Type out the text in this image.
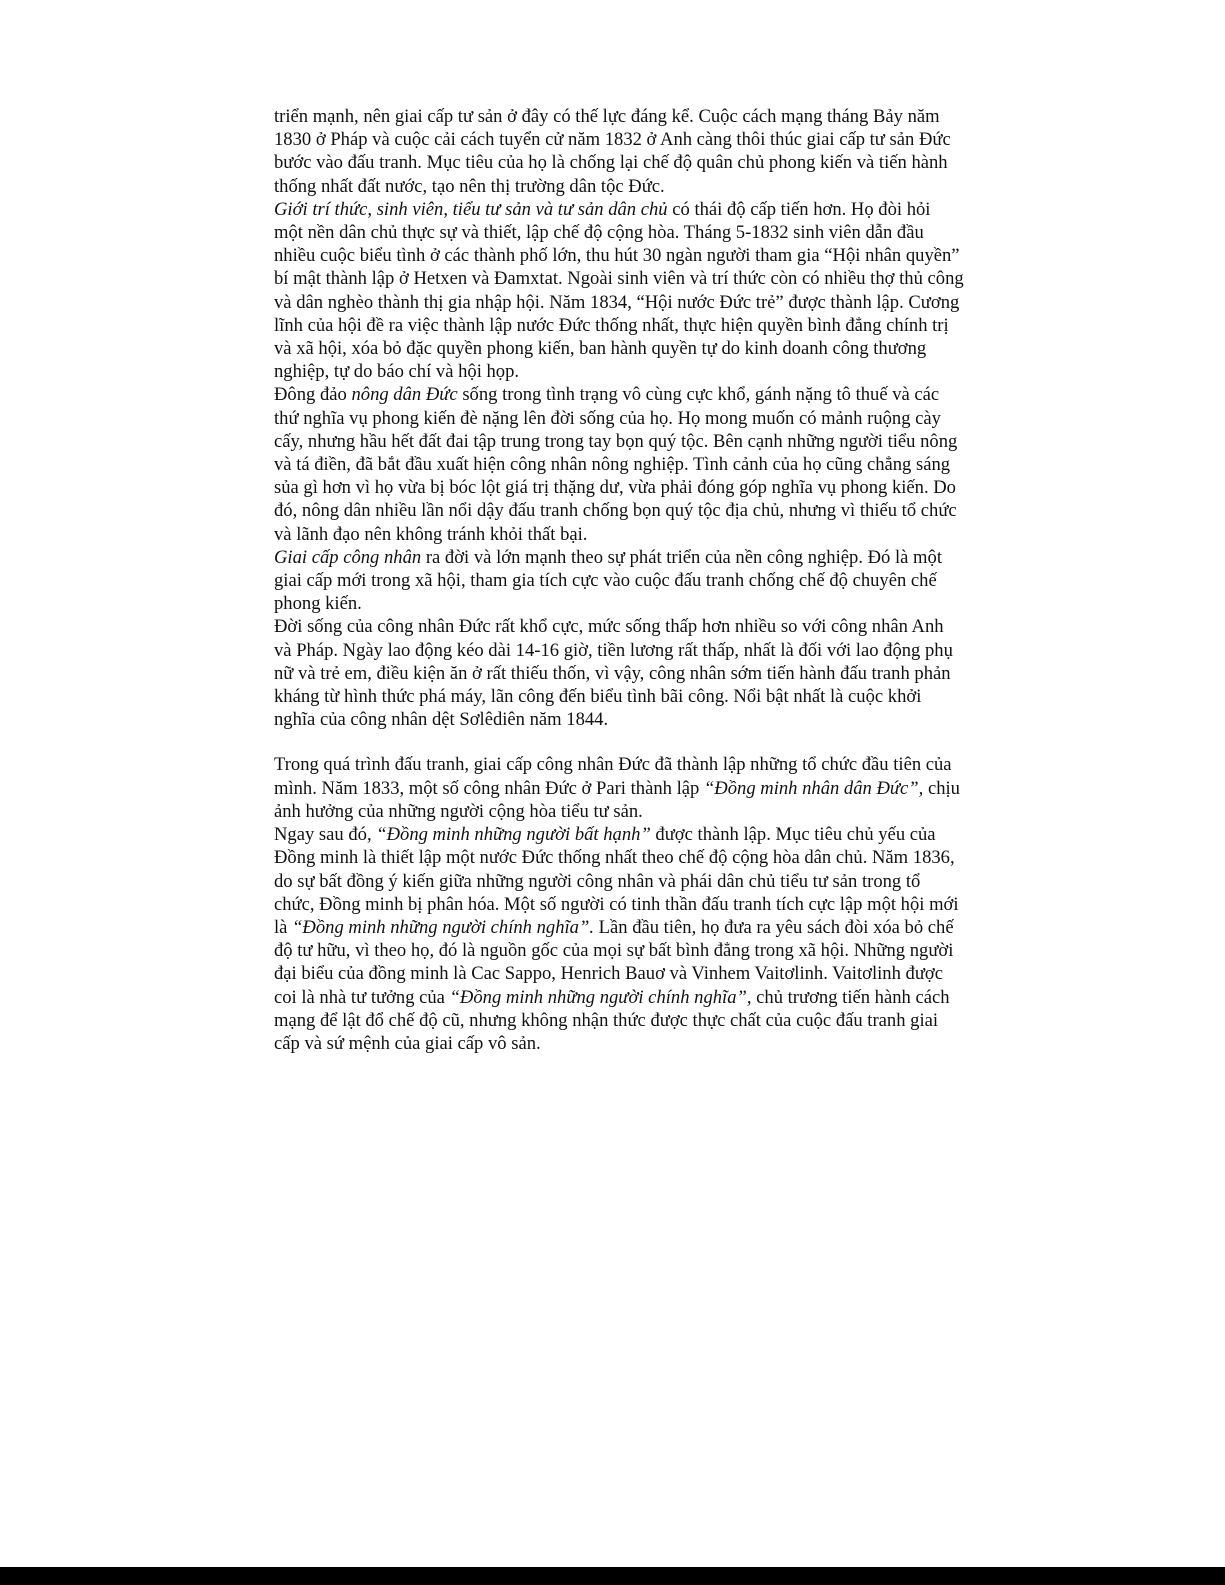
triển mạnh, nên giai cấp tư sản ở đây có thế lực đáng kể. Cuộc cách mạng tháng Bảy năm 1830 ở Pháp và cuộc cải cách tuyển cử năm 1832 ở Anh càng thôi thúc giai cấp tư sản Đức bước vào đấu tranh. Mục tiêu của họ là chống lại chế độ quân chủ phong kiến và tiến hành thống nhất đất nước, tạo nên thị trường dân tộc Đức.

Giới trí thức, sinh viên, tiểu tư sản và tư sản dân chủ có thái độ cấp tiến hơn. Họ đòi hỏi một nền dân chủ thực sự và thiết, lập chế độ cộng hòa. Tháng 5-1832 sinh viên dẫn đầu nhiều cuộc biểu tình ở các thành phố lớn, thu hút 30 ngàn người tham gia “Hội nhân quyền” bí mật thành lập ở Hetxen và Đamxtat. Ngoài sinh viên và trí thức còn có nhiều thợ thủ công và dân nghèo thành thị gia nhập hội. Năm 1834, “Hội nước Đức trẻ” được thành lập. Cương lĩnh của hội đề ra việc thành lập nước Đức thống nhất, thực hiện quyền bình đẳng chính trị và xã hội, xóa bỏ đặc quyền phong kiến, ban hành quyền tự do kinh doanh công thương nghiệp, tự do báo chí và hội họp.

Đông đảo nông dân Đức sống trong tình trạng vô cùng cực khổ, gánh nặng tô thuế và các thứ nghĩa vụ phong kiến đè nặng lên đời sống của họ. Họ mong muốn có mảnh ruộng cày cấy, nhưng hầu hết đất đai tập trung trong tay bọn quý tộc. Bên cạnh những người tiểu nông và tá điền, đã bắt đầu xuất hiện công nhân nông nghiệp. Tình cảnh của họ cũng chẳng sáng sủa gì hơn vì họ vừa bị bóc lột giá trị thặng dư, vừa phải đóng góp nghĩa vụ phong kiến. Do đó, nông dân nhiều lần nổi dậy đấu tranh chống bọn quý tộc địa chủ, nhưng vì thiếu tổ chức và lãnh đạo nên không tránh khỏi thất bại.

Giai cấp công nhân ra đời và lớn mạnh theo sự phát triển của nền công nghiệp. Đó là một giai cấp mới trong xã hội, tham gia tích cực vào cuộc đấu tranh chống chế độ chuyên chế phong kiến.

Đời sống của công nhân Đức rất khổ cực, mức sống thấp hơn nhiều so với công nhân Anh và Pháp. Ngày lao động kéo dài 14-16 giờ, tiền lương rất thấp, nhất là đối với lao động phụ nữ và trẻ em, điều kiện ăn ở rất thiếu thốn, vì vậy, công nhân sớm tiến hành đấu tranh phản kháng từ hình thức phá máy, lãn công đến biểu tình bãi công. Nổi bật nhất là cuộc khởi nghĩa của công nhân dệt Sơlêdiên năm 1844.

Trong quá trình đấu tranh, giai cấp công nhân Đức đã thành lập những tổ chức đầu tiên của mình. Năm 1833, một số công nhân Đức ở Pari thành lập “Đồng minh nhân dân Đức”, chịu ảnh hưởng của những người cộng hòa tiểu tư sản.

Ngay sau đó, “Đồng minh những người bất hạnh” được thành lập. Mục tiêu chủ yếu của Đồng minh là thiết lập một nước Đức thống nhất theo chế độ cộng hòa dân chủ. Năm 1836, do sự bất đồng ý kiến giữa những người công nhân và phái dân chủ tiểu tư sản trong tổ chức, Đồng minh bị phân hóa. Một số người có tinh thần đấu tranh tích cực lập một hội mới là “Đồng minh những người chính nghĩa”. Lần đầu tiên, họ đưa ra yêu sách đòi xóa bỏ chế độ tư hữu, vì theo họ, đó là nguồn gốc của mọi sự bất bình đẳng trong xã hội. Những người đại biểu của đồng minh là Cac Sappo, Henrich Bauơ và Vinhem Vaitơlinh. Vaitơlinh được coi là nhà tư tưởng của “Đồng minh những người chính nghĩa”, chủ trương tiến hành cách mạng để lật đổ chế độ cũ, nhưng không nhận thức được thực chất của cuộc đấu tranh giai cấp và sứ mệnh của giai cấp vô sản.
